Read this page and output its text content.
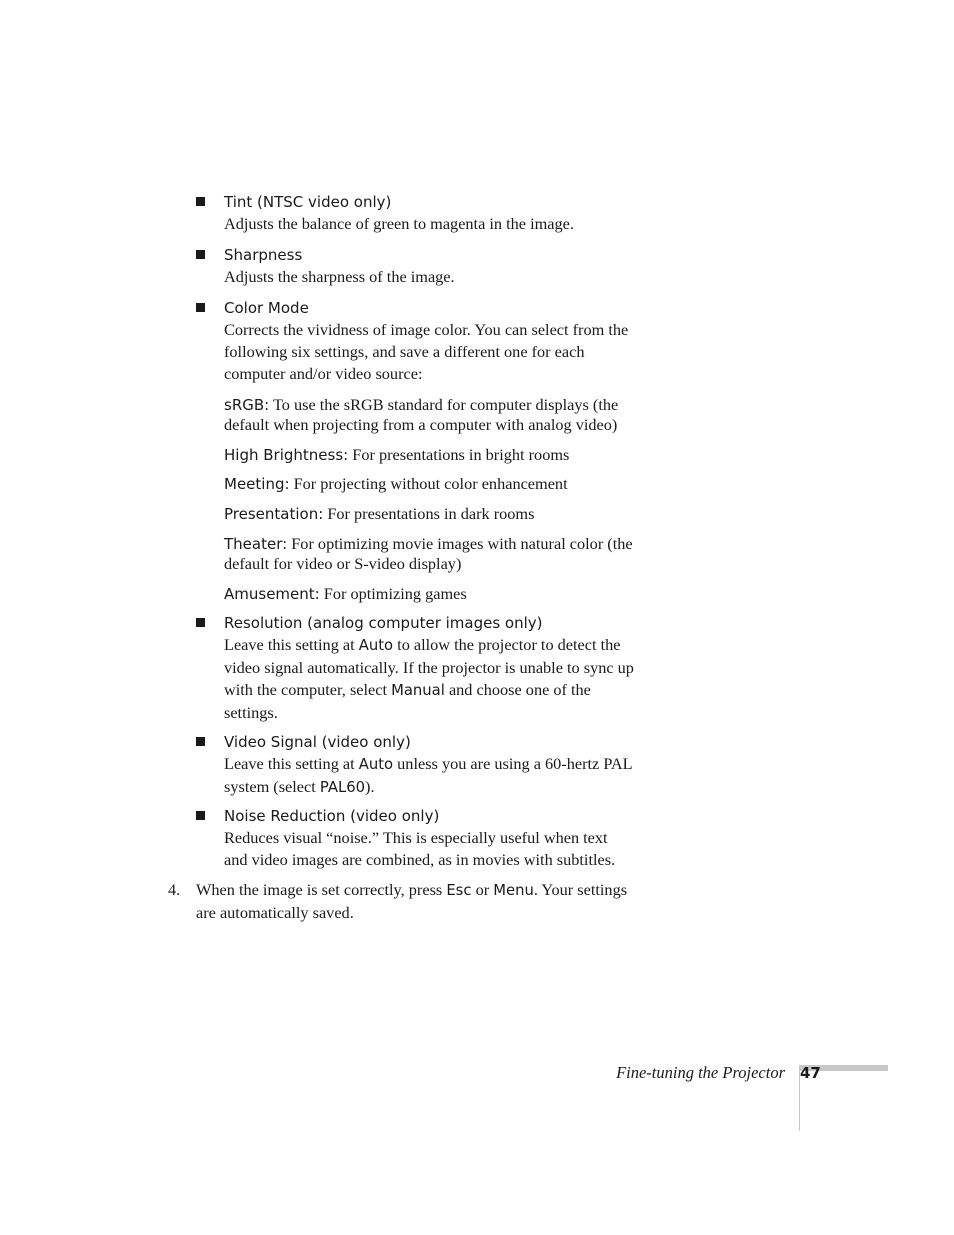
Tint (NTSC video only)
Adjusts the balance of green to magenta in the image.
Sharpness
Adjusts the sharpness of the image.
Color Mode
Corrects the vividness of image color. You can select from the following six settings, and save a different one for each computer and/or video source:
sRGB: To use the sRGB standard for computer displays (the default when projecting from a computer with analog video)
High Brightness: For presentations in bright rooms
Meeting: For projecting without color enhancement
Presentation: For presentations in dark rooms
Theater: For optimizing movie images with natural color (the default for video or S-video display)
Amusement: For optimizing games
Resolution (analog computer images only)
Leave this setting at Auto to allow the projector to detect the video signal automatically. If the projector is unable to sync up with the computer, select Manual and choose one of the settings.
Video Signal (video only)
Leave this setting at Auto unless you are using a 60-hertz PAL system (select PAL60).
Noise Reduction (video only)
Reduces visual “noise.” This is especially useful when text and video images are combined, as in movies with subtitles.
4. When the image is set correctly, press Esc or Menu. Your settings are automatically saved.
Fine-tuning the Projector 47
